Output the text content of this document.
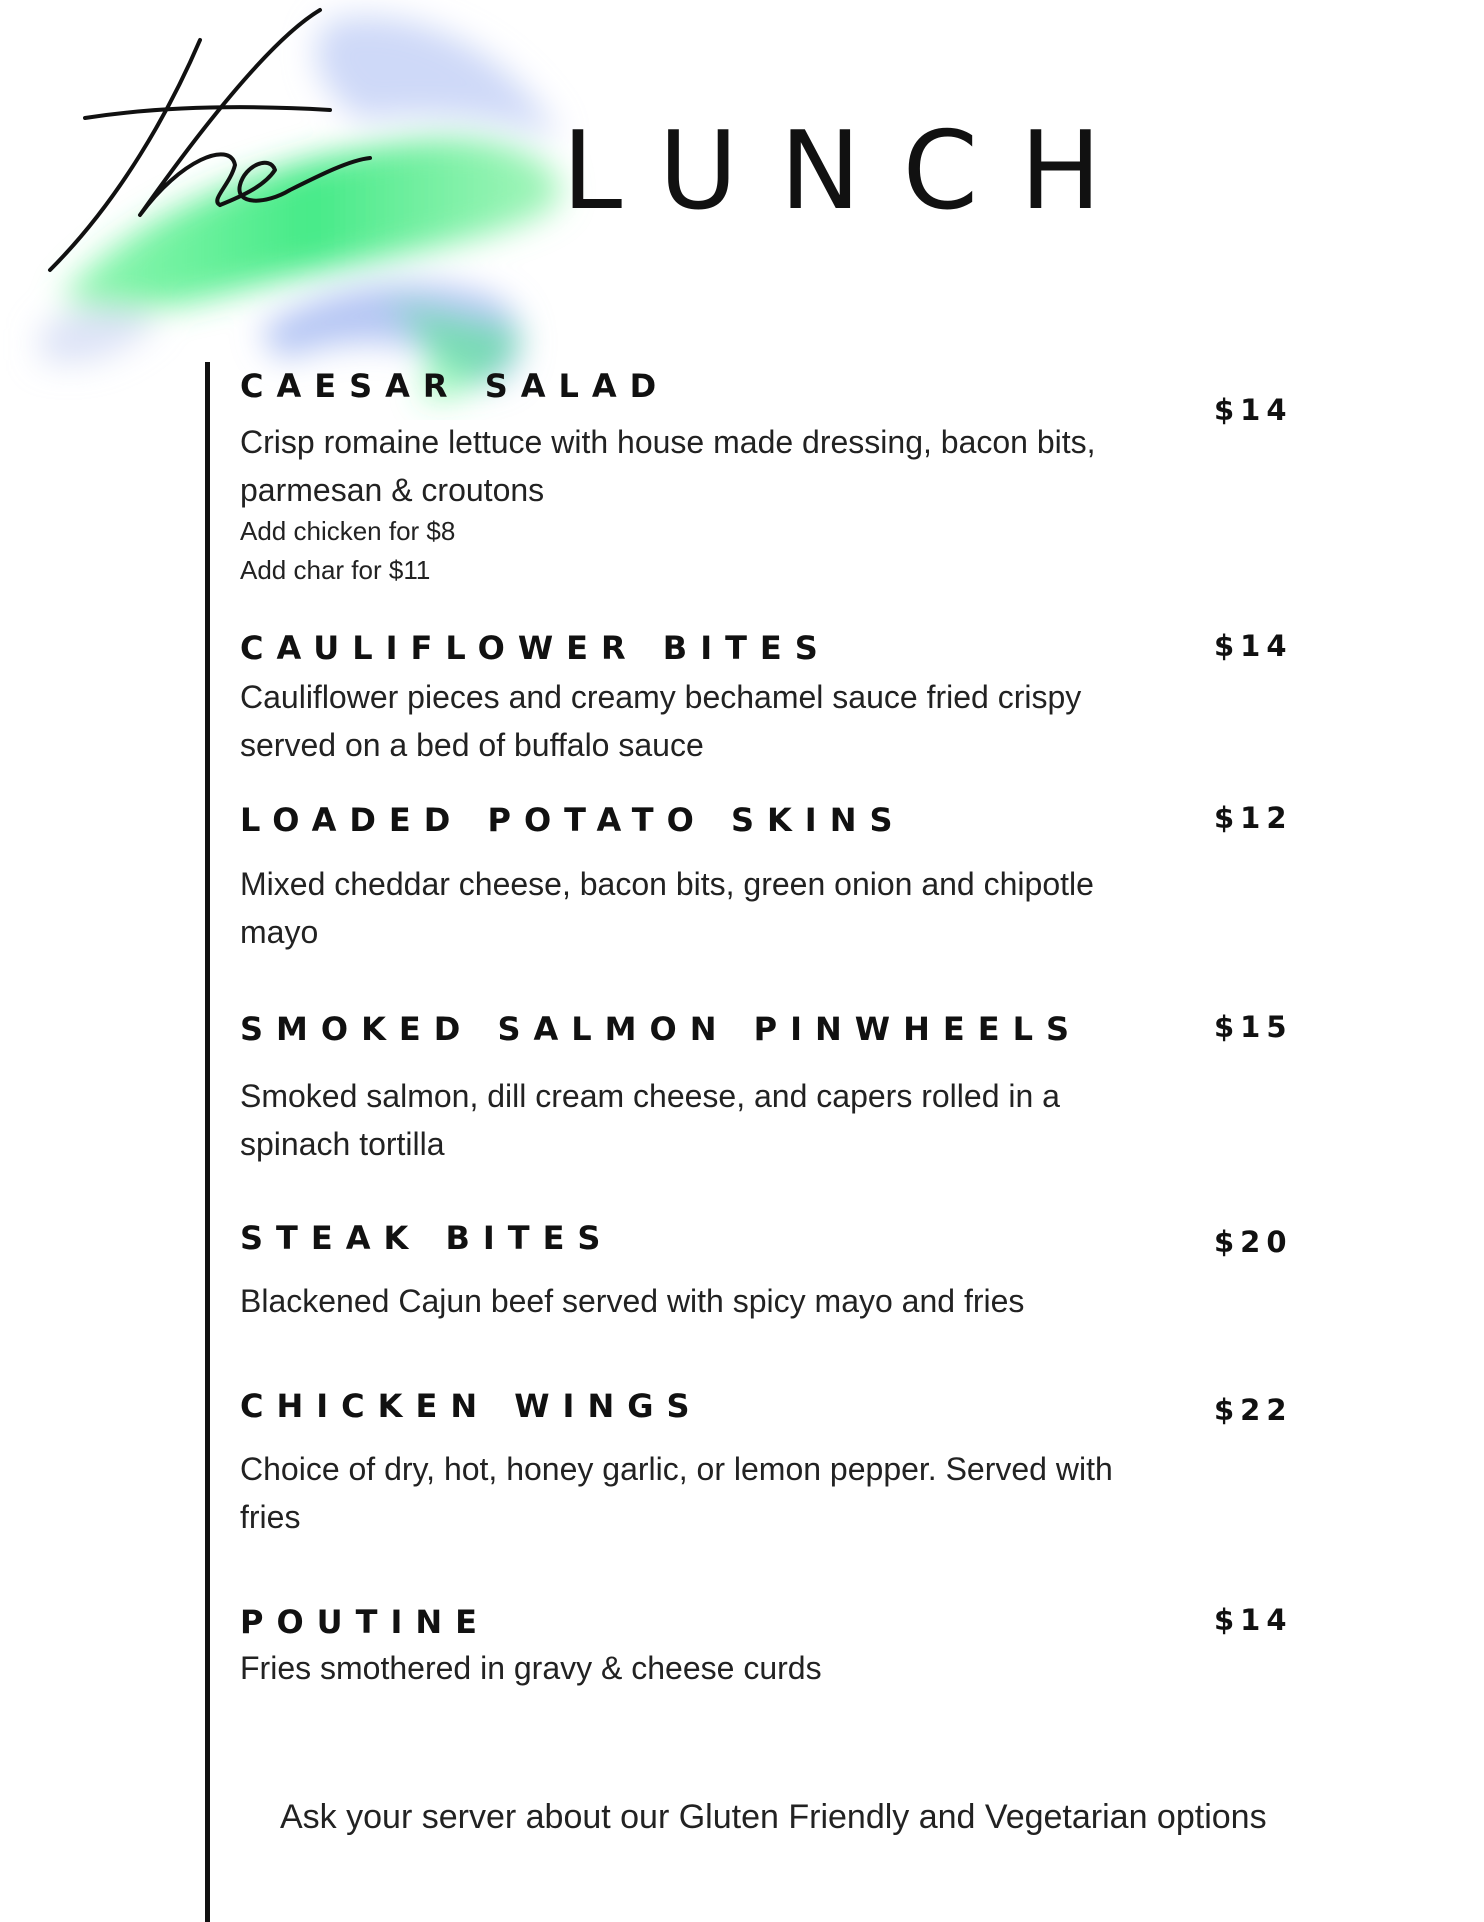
LUNCH
CAESAR SALAD
$14
Crisp romaine lettuce with house made dressing, bacon bits, parmesan & croutons
Add chicken for $8
Add char for $11
CAULIFLOWER BITES	$14
Cauliflower pieces and creamy bechamel sauce fried crispy served on a bed of buffalo sauce
LOADED POTATO SKINS	$12
Mixed cheddar cheese, bacon bits, green onion and chipotle mayo
SMOKED SALMON PINWHEELS	$15
Smoked salmon, dill cream cheese, and capers rolled in a spinach tortilla
STEAK BITES	$20
Blackened Cajun beef served with spicy mayo and fries
CHICKEN WINGS	$22
Choice of dry, hot, honey garlic, or lemon pepper. Served with fries
POUTINE	$14
Fries smothered in gravy & cheese curds
Ask your server about our Gluten Friendly and Vegetarian options
